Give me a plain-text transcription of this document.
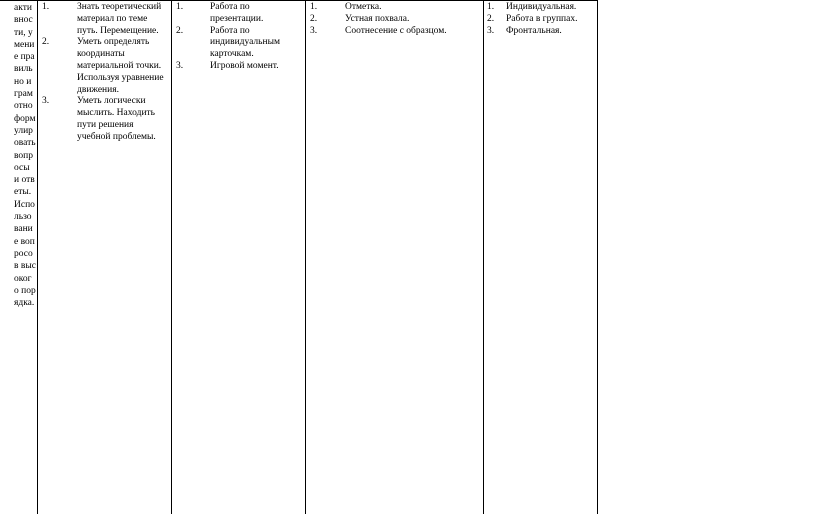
активности, умение правильно и грамотно формулировать вопросы и ответы.

Использование вопросов высокого порядка.

1.	Знать теоретический материал по теме путь. Перемещение.
2.	Уметь определять координаты материальной точки. Используя уравнение движения.
3.	Уметь логически мыслить. Находить пути решения учебной проблемы.
1.	Работа по презентации.
2.	Работа по индивидуальным карточкам.
3.	Игровой момент.
1.	Отметка.
2.	Устная похвала.
3.	Соотнесение с образцом.
1. Индивидуальная.
2. Работа в группах.
3. Фронтальная.
